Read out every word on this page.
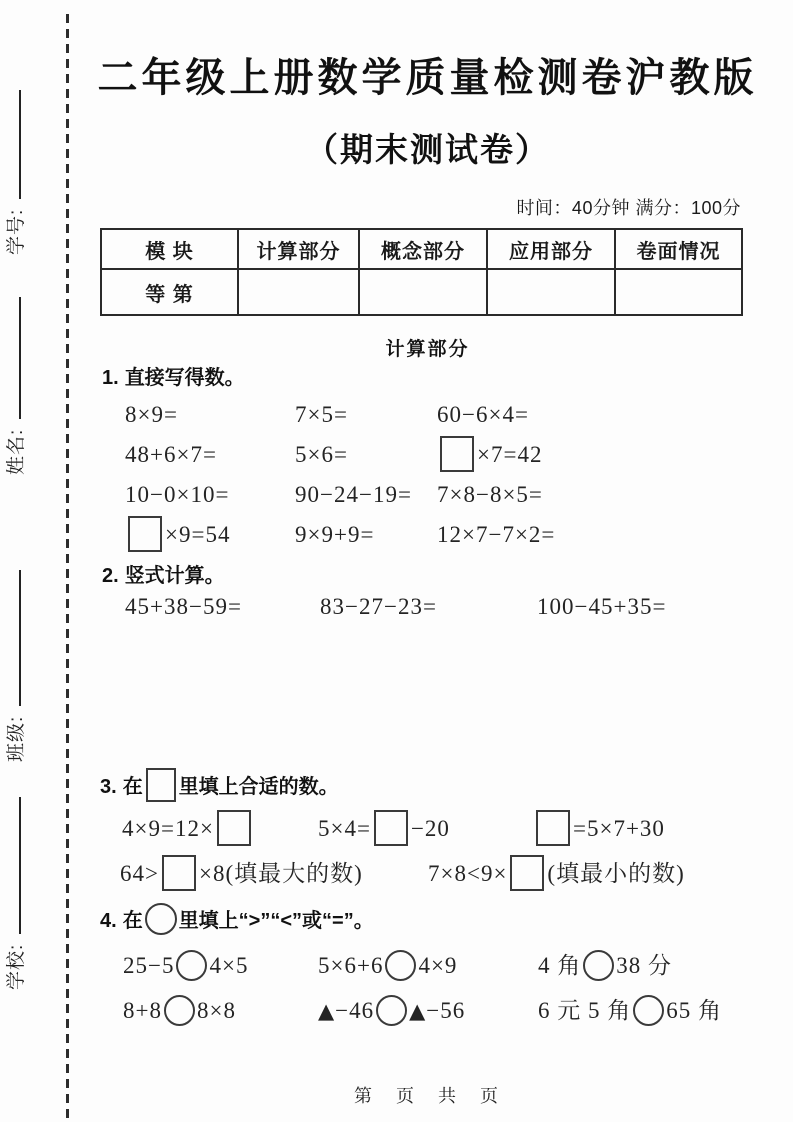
学号:
姓名:
班级:
学校:
二年级上册数学质量检测卷沪教版
（期末测试卷）
时间：40分钟 满分：100分
模 块	计算部分	概念部分	应用部分	卷面情况
等 第				
计算部分
1. 直接写得数。
8×9=	7×5=	60−6×4=
48+6×7=	5×6=	×7=42
10−0×10=	90−24−19= 7×8−8×5=
×9=54	9×9+9=	12×7−7×2=
2. 竖式计算。
45+38−59=	83−27−23=	100−45+35=
3. 在 里填上合适的数。
4×9=12×	5×4= −20	=5×7+30
64> ×8(填最大的数)	7×8<9× (填最小的数)
4. 在 里填上“>”“<”或“=”。
25−5 4×5	5×6+6 4×9	4 角 38 分
8+8 8×8	▲−46 ▲−56	6 元 5 角 65 角
第　页　共　页
